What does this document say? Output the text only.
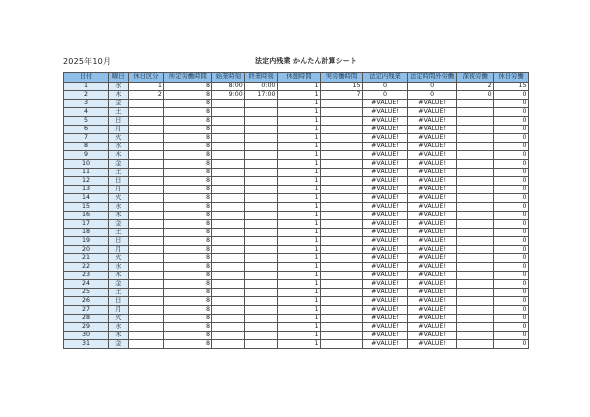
2025年10月	法定内残業 かんたん計算シート
日付	曜日	休日区分	所定労働時間	始業時刻	終業時刻	休憩時間	実労働時間	法定内残業	法定時間外労働	深夜労働	休日労働
1	水	1	8	8:00	0:00	1	15	0	0	2	15
2	木	2	8	9:00	17:00	1	7	0	0	0	0
3	金		8			1		#VALUE!	#VALUE!		0
4	土		8			1		#VALUE!	#VALUE!		0
5	日		8			1		#VALUE!	#VALUE!		0
6	月		8			1		#VALUE!	#VALUE!		0
7	火		8			1		#VALUE!	#VALUE!		0
8	水		8			1		#VALUE!	#VALUE!		0
9	木		8			1		#VALUE!	#VALUE!		0
10	金		8			1		#VALUE!	#VALUE!		0
11	土		8			1		#VALUE!	#VALUE!		0
12	日		8			1		#VALUE!	#VALUE!		0
13	月		8			1		#VALUE!	#VALUE!		0
14	火		8			1		#VALUE!	#VALUE!		0
15	水		8			1		#VALUE!	#VALUE!		0
16	木		8			1		#VALUE!	#VALUE!		0
17	金		8			1		#VALUE!	#VALUE!		0
18	土		8			1		#VALUE!	#VALUE!		0
19	日		8			1		#VALUE!	#VALUE!		0
20	月		8			1		#VALUE!	#VALUE!		0
21	火		8			1		#VALUE!	#VALUE!		0
22	水		8			1		#VALUE!	#VALUE!		0
23	木		8			1		#VALUE!	#VALUE!		0
24	金		8			1		#VALUE!	#VALUE!		0
25	土		8			1		#VALUE!	#VALUE!		0
26	日		8			1		#VALUE!	#VALUE!		0
27	月		8			1		#VALUE!	#VALUE!		0
28	火		8			1		#VALUE!	#VALUE!		0
29	水		8			1		#VALUE!	#VALUE!		0
30	木		8			1		#VALUE!	#VALUE!		0
31	金		8			1		#VALUE!	#VALUE!		0
